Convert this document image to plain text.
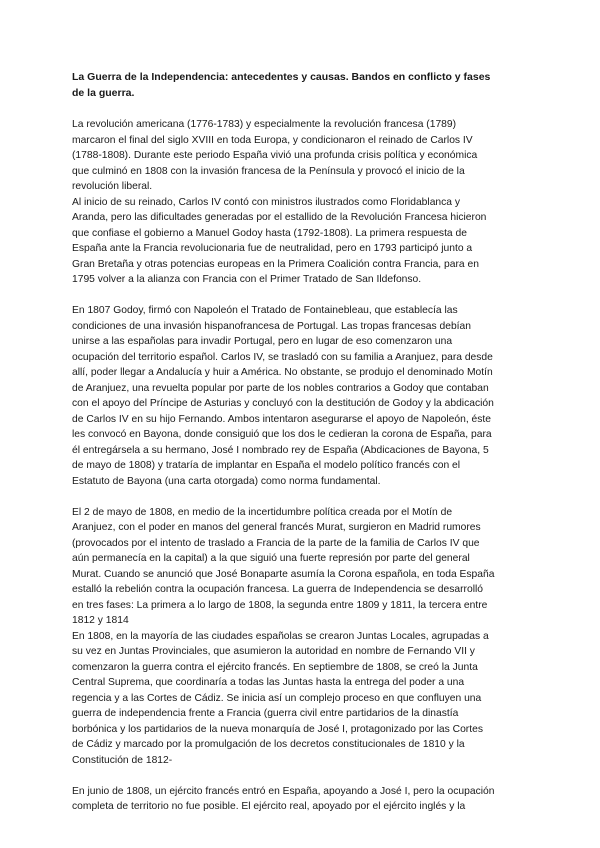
La Guerra de la Independencia: antecedentes y causas. Bandos en conflicto y fases
de la guerra.
La revolución americana (1776-1783) y especialmente la revolución francesa (1789)
marcaron el final del siglo XVIII en toda Europa, y condicionaron el reinado de Carlos IV
(1788-1808). Durante este periodo España vivió una profunda crisis política y económica
que culminó en 1808 con la invasión francesa de la Península y provocó el inicio de la
revolución liberal.
Al inicio de su reinado, Carlos IV contó con ministros ilustrados como Floridablanca y
Aranda, pero las dificultades generadas por el estallido de la Revolución Francesa hicieron
que confiase el gobierno a Manuel Godoy hasta (1792-1808). La primera respuesta de
España ante la Francia revolucionaria fue de neutralidad, pero en 1793 participó junto a
Gran Bretaña y otras potencias europeas en la Primera Coalición contra Francia, para en
1795 volver a la alianza con Francia con el Primer Tratado de San Ildefonso.
En 1807 Godoy, firmó con Napoleón el Tratado de Fontainebleau, que establecía las
condiciones de una invasión hispanofrancesa de Portugal. Las tropas francesas debían
unirse a las españolas para invadir Portugal, pero en lugar de eso comenzaron una
ocupación del territorio español. Carlos IV, se trasladó con su familia a Aranjuez, para desde
allí, poder llegar a Andalucía y huir a América. No obstante, se produjo el denominado Motín
de Aranjuez, una revuelta popular por parte de los nobles contrarios a Godoy que contaban
con el apoyo del Príncipe de Asturias y concluyó con la destitución de Godoy y la abdicación
de Carlos IV en su hijo Fernando. Ambos intentaron asegurarse el apoyo de Napoleón, éste
les convocó en Bayona, donde consiguió que los dos le cedieran la corona de España, para
él entregársela a su hermano, José I nombrado rey de España (Abdicaciones de Bayona, 5
de mayo de 1808) y trataría de implantar en España el modelo político francés con el
Estatuto de Bayona (una carta otorgada) como norma fundamental.
El 2 de mayo de 1808, en medio de la incertidumbre política creada por el Motín de
Aranjuez, con el poder en manos del general francés Murat, surgieron en Madrid rumores
(provocados por el intento de traslado a Francia de la parte de la familia de Carlos IV que
aún permanecía en la capital) a la que siguió una fuerte represión por parte del general
Murat. Cuando se anunció que José Bonaparte asumía la Corona española, en toda España
estalló la rebelión contra la ocupación francesa. La guerra de Independencia se desarrolló
en tres fases: La primera a lo largo de 1808, la segunda entre 1809 y 1811, la tercera entre
1812 y 1814
En 1808, en la mayoría de las ciudades españolas se crearon Juntas Locales, agrupadas a
su vez en Juntas Provinciales, que asumieron la autoridad en nombre de Fernando VII y
comenzaron la guerra contra el ejército francés. En septiembre de 1808, se creó la Junta
Central Suprema, que coordinaría a todas las Juntas hasta la entrega del poder a una
regencia y a las Cortes de Cádiz. Se inicia así un complejo proceso en que confluyen una
guerra de independencia frente a Francia (guerra civil entre partidarios de la dinastía
borbónica y los partidarios de la nueva monarquía de José I, protagonizado por las Cortes
de Cádiz y marcado por la promulgación de los decretos constitucionales de 1810 y la
Constitución de 1812-
En junio de 1808, un ejército francés entró en España, apoyando a José I, pero la ocupación
completa de territorio no fue posible. El ejército real, apoyado por el ejército inglés y la
